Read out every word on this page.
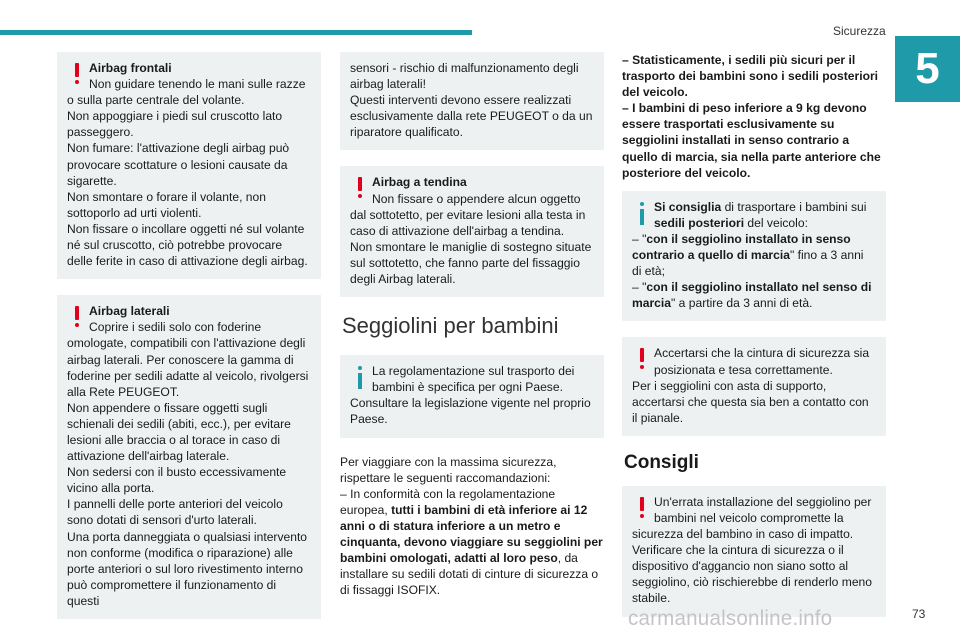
Sicurezza
5

Airbag frontali

Non guidare tenendo le mani sulle razze o sulla parte centrale del volante.

Non appoggiare i piedi sul cruscotto lato passeggero.

Non fumare: l'attivazione degli airbag può provocare scottature o lesioni causate da sigarette.

Non smontare o forare il volante, non sottoporlo ad urti violenti.

Non fissare o incollare oggetti né sul volante né sul cruscotto, ciò potrebbe provocare delle ferite in caso di attivazione degli airbag.

Airbag laterali

Coprire i sedili solo con foderine omologate, compatibili con l'attivazione degli airbag laterali. Per conoscere la gamma di foderine per sedili adatte al veicolo, rivolgersi alla Rete PEUGEOT.

Non appendere o fissare oggetti sugli schienali dei sedili (abiti, ecc.), per evitare lesioni alle braccia o al torace in caso di attivazione dell'airbag laterale.

Non sedersi con il busto eccessivamente vicino alla porta.

I pannelli delle porte anteriori del veicolo sono dotati di sensori d'urto laterali.

Una porta danneggiata o qualsiasi intervento non conforme (modifica o riparazione) alle porte anteriori o sul loro rivestimento interno può compromettere il funzionamento di questi

sensori - rischio di malfunzionamento degli airbag laterali!

Questi interventi devono essere realizzati esclusivamente dalla rete PEUGEOT o da un riparatore qualificato.

Airbag a tendina

Non fissare o appendere alcun oggetto dal sottotetto, per evitare lesioni alla testa in caso di attivazione dell'airbag a tendina.

Non smontare le maniglie di sostegno situate sul sottotetto, che fanno parte del fissaggio degli Airbag laterali.

Seggiolini per bambini

La regolamentazione sul trasporto dei bambini è specifica per ogni Paese.

Consultare la legislazione vigente nel proprio Paese.

Per viaggiare con la massima sicurezza, rispettare le seguenti raccomandazioni:

– In conformità con la regolamentazione europea, tutti i bambini di età inferiore ai 12 anni o di statura inferiore a un metro e cinquanta, devono viaggiare su seggiolini per bambini omologati, adatti al loro peso, da installare su sedili dotati di cinture di sicurezza o di fissaggi ISOFIX.

– Statisticamente, i sedili più sicuri per il trasporto dei bambini sono i sedili posteriori del veicolo.

– I bambini di peso inferiore a 9 kg devono essere trasportati esclusivamente su seggiolini installati in senso contrario a quello di marcia, sia nella parte anteriore che posteriore del veicolo.

Si consiglia di trasportare i bambini sui sedili posteriori del veicolo:

– "con il seggiolino installato in senso contrario a quello di marcia" fino a 3 anni di età;

– "con il seggiolino installato nel senso di marcia" a partire da 3 anni di età.

Accertarsi che la cintura di sicurezza sia posizionata e tesa correttamente.

Per i seggiolini con asta di supporto, accertarsi che questa sia ben a contatto con il pianale.

Consigli

Un'errata installazione del seggiolino per bambini nel veicolo compromette la sicurezza del bambino in caso di impatto.

Verificare che la cintura di sicurezza o il dispositivo d'aggancio non siano sotto al seggiolino, ciò rischierebbe di renderlo meno stabile.

carmanualsonline.info	73
